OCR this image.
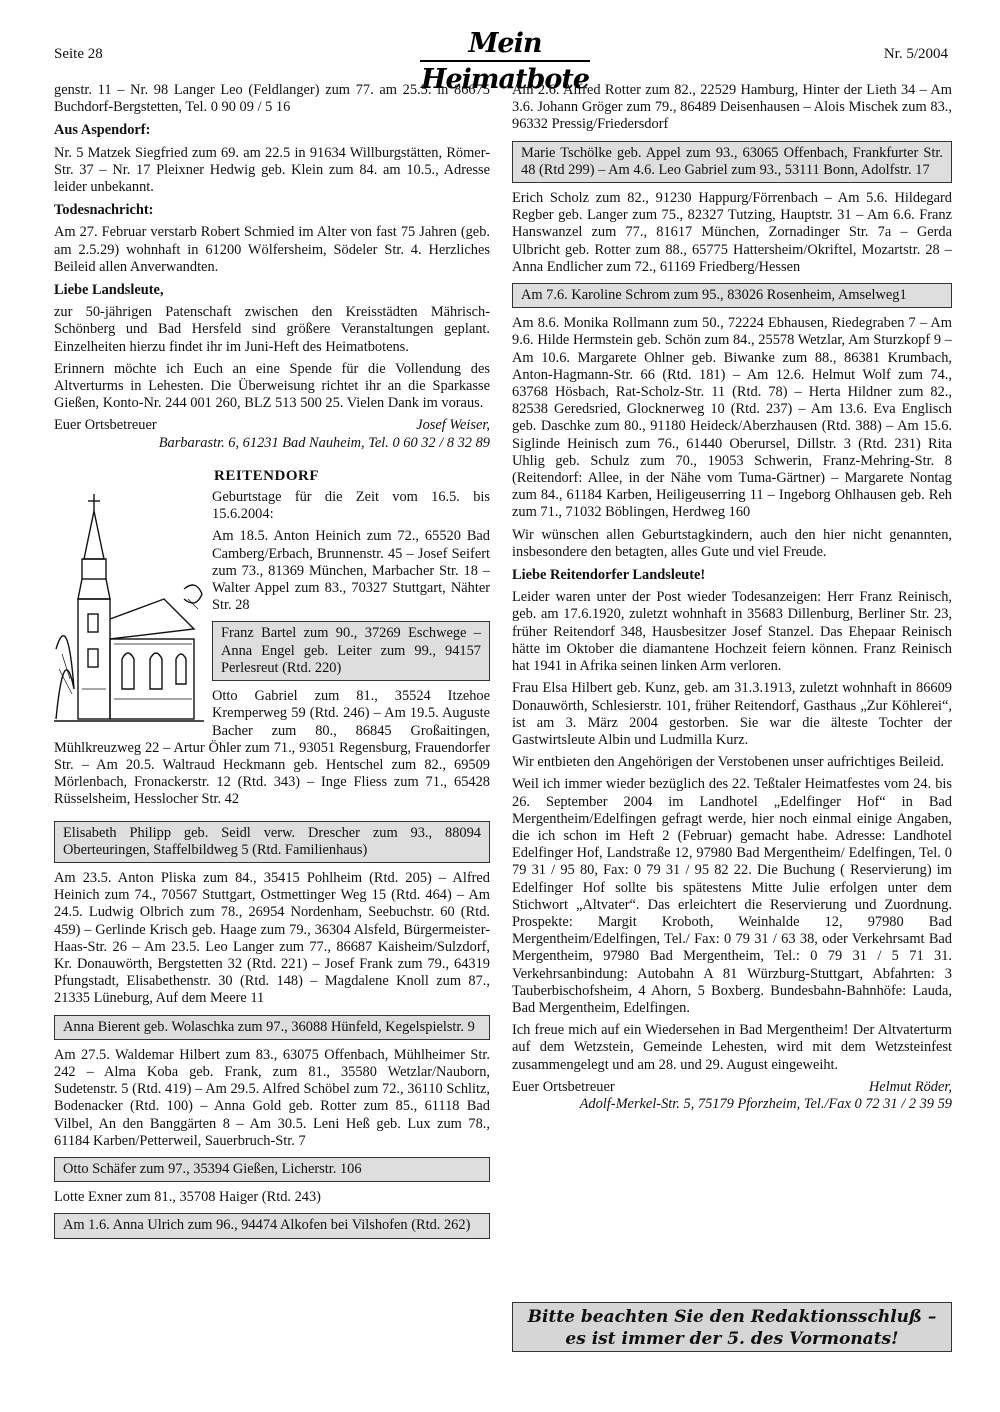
Seite 28	Mein Heimatbote
Nr. 5/2004

genstr. 11 – Nr. 98 Langer Leo (Feldlanger) zum 77. am 25.5. in 86675 Buchdorf-Bergstetten, Tel. 0 90 09 / 5 16

Aus Aspendorf:

Nr. 5 Matzek Siegfried zum 69. am 22.5 in 91634 Willburgstätten, Römer-Str. 37 – Nr. 17 Pleixner Hedwig geb. Klein zum 84. am 10.5., Adresse leider unbekannt.

Todesnachricht:

Am 27. Februar verstarb Robert Schmied im Alter von fast 75 Jahren (geb. am 2.5.29) wohnhaft in 61200 Wölfersheim, Södeler Str. 4. Herzliches Beileid allen Anverwandten.

Liebe Landsleute,

zur 50-jährigen Patenschaft zwischen den Kreisstädten Mährisch-Schönberg und Bad Hersfeld sind größere Veranstaltungen geplant. Einzelheiten hierzu findet ihr im Juni-Heft des Heimatbotens.

Erinnern möchte ich Euch an eine Spende für die Vollendung des Altverturms in Lehesten. Die Überweisung richtet ihr an die Sparkasse Gießen, Konto-Nr. 244 001 260, BLZ 513 500 25. Vielen Dank im voraus.

Euer Ortsbetreuer	Josef Weiser,

Barbarastr. 6, 61231 Bad Nauheim, Tel. 0 60 32 / 8 32 89

REITENDORF

Geburtstage für die Zeit vom 16.5. bis 15.6.2004:

Am 18.5. Anton Heinich zum 72., 65520 Bad Camberg/Erbach, Brunnenstr. 45 – Josef Seifert zum 73., 81369 München, Marbacher Str. 18 – Walter Appel zum 83., 70327 Stuttgart, Nähter Str. 28

Franz Bartel zum 90., 37269 Eschwege – Anna Engel geb. Leiter zum 99., 94157 Perlesreut (Rtd. 220)

Otto Gabriel zum 81., 35524 Itzehoe Kremperweg 59 (Rtd. 246) – Am 19.5. Auguste Bacher zum 80., 86845 Großaitingen, Mühlkreuzweg 22 – Artur Öhler zum 71., 93051 Regensburg, Frauendorfer Str. – Am 20.5. Waltraud Heckmann geb. Hentschel zum 82., 69509 Mörlenbach, Fronackerstr. 12 (Rtd. 343) – Inge Fliess zum 71., 65428 Rüsselsheim, Hesslocher Str. 42

Elisabeth Philipp geb. Seidl verw. Drescher zum 93., 88094 Oberteuringen, Staffelbildweg 5 (Rtd. Familienhaus)

Am 23.5. Anton Pliska zum 84., 35415 Pohlheim (Rtd. 205) – Alfred Heinich zum 74., 70567 Stuttgart, Ostmettinger Weg 15 (Rtd. 464) – Am 24.5. Ludwig Olbrich zum 78., 26954 Nordenham, Seebuchstr. 60 (Rtd. 459) – Gerlinde Krisch geb. Haage zum 79., 36304 Alsfeld, Bürgermeister-Haas-Str. 26 – Am 23.5. Leo Langer zum 77., 86687 Kaisheim/Sulzdorf, Kr. Donauwörth, Bergstetten 32 (Rtd. 221) – Josef Frank zum 79., 64319 Pfungstadt, Elisabethenstr. 30 (Rtd. 148) – Magdalene Knoll zum 87., 21335 Lüneburg, Auf dem Meere 11

Anna Bierent geb. Wolaschka zum 97., 36088 Hünfeld, Kegelspielstr. 9

Am 27.5. Waldemar Hilbert zum 83., 63075 Offenbach, Mühlheimer Str. 242 – Alma Koba geb. Frank, zum 81., 35580 Wetzlar/Nauborn, Sudetenstr. 5 (Rtd. 419) – Am 29.5. Alfred Schöbel zum 72., 36110 Schlitz, Bodenacker (Rtd. 100) – Anna Gold geb. Rotter zum 85., 61118 Bad Vilbel, An den Banggärten 8 – Am 30.5. Leni Heß geb. Lux zum 78., 61184 Karben/Petterweil, Sauerbruch-Str. 7

Otto Schäfer zum 97., 35394 Gießen, Licherstr. 106

Lotte Exner zum 81., 35708 Haiger (Rtd. 243)

Am 1.6. Anna Ulrich zum 96., 94474 Alkofen bei Vilshofen (Rtd. 262)

Am 2.6. Alfred Rotter zum 82., 22529 Hamburg, Hinter der Lieth 34 – Am 3.6. Johann Gröger zum 79., 86489 Deisenhausen – Alois Mischek zum 83., 96332 Pressig/Friedersdorf

Marie Tschölke geb. Appel zum 93., 63065 Offenbach, Frankfurter Str. 48 (Rtd 299) – Am 4.6. Leo Gabriel zum 93., 53111 Bonn, Adolfstr. 17

Erich Scholz zum 82., 91230 Happurg/Förrenbach – Am 5.6. Hildegard Regber geb. Langer zum 75., 82327 Tutzing, Hauptstr. 31 – Am 6.6. Franz Hanswanzel zum 77., 81617 München, Zornadinger Str. 7a – Gerda Ulbricht geb. Rotter zum 88., 65775 Hattersheim/Okriftel, Mozartstr. 28 – Anna Endlicher zum 72., 61169 Friedberg/Hessen

Am 7.6. Karoline Schrom zum 95., 83026 Rosenheim, Amselweg1

Am 8.6. Monika Rollmann zum 50., 72224 Ebhausen, Riedegraben 7 – Am 9.6. Hilde Hermstein geb. Schön zum 84., 25578 Wetzlar, Am Sturzkopf 9 – Am 10.6. Margarete Ohlner geb. Biwanke zum 88., 86381 Krumbach, Anton-Hagmann-Str. 66 (Rtd. 181) – Am 12.6. Helmut Wolf zum 74., 63768 Hösbach, Rat-Scholz-Str. 11 (Rtd. 78) – Herta Hildner zum 82., 82538 Geredsried, Glocknerweg 10 (Rtd. 237) – Am 13.6. Eva Englisch geb. Daschke zum 80., 91180 Heideck/Aberzhausen (Rtd. 388) – Am 15.6. Siglinde Heinisch zum 76., 61440 Oberursel, Dillstr. 3 (Rtd. 231) Rita Uhlig geb. Schulz zum 70., 19053 Schwerin, Franz-Mehring-Str. 8 (Reitendorf: Allee, in der Nähe vom Tuma-Gärtner) – Margarete Nontag zum 84., 61184 Karben, Heiligeuserring 11 – Ingeborg Ohlhausen geb. Reh zum 71., 71032 Böblingen, Herdweg 160

Wir wünschen allen Geburtstagkindern, auch den hier nicht genannten, insbesondere den betagten, alles Gute und viel Freude.

Liebe Reitendorfer Landsleute!

Leider waren unter der Post wieder Todesanzeigen: Herr Franz Reinisch, geb. am 17.6.1920, zuletzt wohnhaft in 35683 Dillenburg, Berliner Str. 23, früher Reitendorf 348, Hausbesitzer Josef Stanzel. Das Ehepaar Reinisch hätte im Oktober die diamantene Hochzeit feiern können. Franz Reinisch hat 1941 in Afrika seinen linken Arm verloren.

Frau Elsa Hilbert geb. Kunz, geb. am 31.3.1913, zuletzt wohnhaft in 86609 Donauwörth, Schlesierstr. 101, früher Reitendorf, Gasthaus „Zur Köhlerei“, ist am 3. März 2004 gestorben. Sie war die älteste Tochter der Gastwirtsleute Albin und Ludmilla Kurz.

Wir entbieten den Angehörigen der Verstobenen unser aufrichtiges Beileid.

Weil ich immer wieder bezüglich des 22. Teßtaler Heimatfestes vom 24. bis 26. September 2004 im Landhotel „Edelfinger Hof“ in Bad Mergentheim/Edelfingen gefragt werde, hier noch einmal einige Angaben, die ich schon im Heft 2 (Februar) gemacht habe. Adresse: Landhotel Edelfinger Hof, Landstraße 12, 97980 Bad Mergentheim/ Edelfingen, Tel. 0 79 31 / 95 80, Fax: 0 79 31 / 95 82 22. Die Buchung ( Reservierung) im Edelfinger Hof sollte bis spätestens Mitte Julie erfolgen unter dem Stichwort „Altvater“. Das erleichtert die Reservierung und Zuordnung. Prospekte: Margit Kroboth, Weinhalde 12, 97980 Bad Mergentheim/Edelfingen, Tel./ Fax: 0 79 31 / 63 38, oder Verkehrsamt Bad Mergentheim, 97980 Bad Mergentheim, Tel.: 0 79 31 / 5 71 31. Verkehrsanbindung: Autobahn A 81 Würzburg-Stuttgart, Abfahrten: 3 Tauberbischofsheim, 4 Ahorn, 5 Boxberg. Bundesbahn-Bahnhöfe: Lauda, Bad Mergentheim, Edelfingen.

Ich freue mich auf ein Wiedersehen in Bad Mergentheim! Der Altvaterturm auf dem Wetzstein, Gemeinde Lehesten, wird mit dem Wetzsteinfest zusammengelegt und am 28. und 29. August eingeweiht.

Euer Ortsbetreuer	Helmut Röder,

Adolf-Merkel-Str. 5, 75179 Pforzheim, Tel./Fax 0 72 31 / 2 39 59

Bitte beachten Sie den Redaktionsschluß –
es ist immer der 5. des Vormonats!
